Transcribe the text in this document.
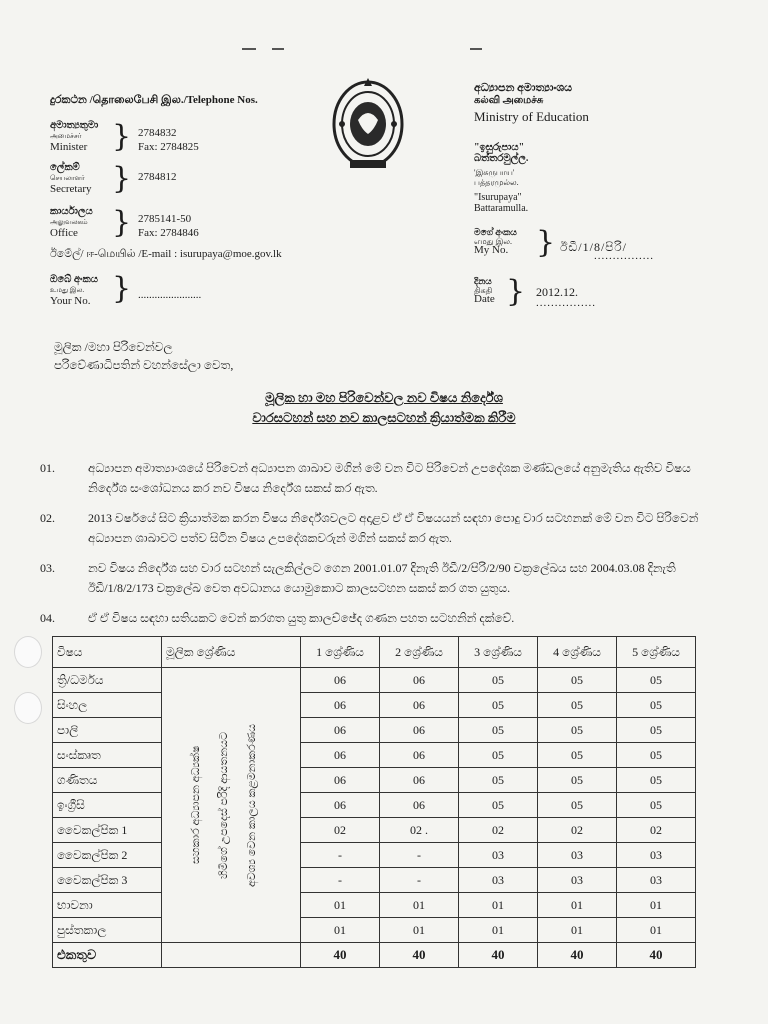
දුරකථන /தொலைபேசி இல./Telephone Nos.
අමාත්‍යතුමා
அமைச்சர்
Minister } 2784832
Fax: 2784825
ලේකම්
செயலாளர்
Secretary } 2784812
කාර්යාලය
அலுவலகம்
Office	} 2785141-50
Fax: 2784846
ඊමේල්/ ஈ-மெயில் /E-mail : isurupaya@moe.gov.lk
ඔබේ අංකය
உமது இல.
Your No. } .......................
අධ්‍යාපන අමාත්‍යාංශය
கல்வி அமைச்சு
Ministry of Education
"ඉසුරුපාය"
බත්තරමුල්ල.
'இசுருபாய'
பத்தரமுல்ல.
"Isurupaya"
Battaramulla.
මගේ අංකය
எமது இல.
My No. } ඊඩී/1/8/පිරි/
................
දිනය
திகதி
Date } 2012.12.
................
මූලික /මහා පිරිවෙන්වල
පරිවේණාධිපතින් වහන්සේලා වෙත,
මූලික හා මහ පිරිවෙන්වල නව විෂය නිර්දේශ
වාරසටහන් සහ නව කාලසටහන් ක්‍රියාත්මක කිරීම
01.	අධ්‍යාපන අමාත්‍යාංශයේ පිරිවෙන් අධ්‍යාපන ශාඛාව මගින් මේ වන විට පිරිවෙන් උපදේශක මණ්ඩලයේ අනුමැතිය ඇතිව විෂය නිර්දේශ සංශෝධනය කර නව විෂය නිර්දේශ සකස් කර ඇත.
02.	2013 වර්ෂයේ සිට ක්‍රියාත්මක කරන විෂය නිර්දේශවලට අදාළව ඒ ඒ විෂයයන් සඳහා පොදු වාර සටහනක් මේ වන විට පිරිවෙන් අධ්‍යාපන ශාඛාවට පත්ව සිටින විෂය උපදේශකවරුන් මගින් සකස් කර ඇත.
03.	නව විෂය නිර්දේශ සහ වාර සටහන් සැලකිල්ලට ගෙන 2001.01.07 දිනැති ඊඩී/2/පිරි/2/90 චක්‍රලේඛය සහ 2004.03.08 දිනැති ඊඩී/1/8/2/173 චක්‍රලේඛ වෙත අවධානය යොමුකොට කාලසටහන සකස් කර ගත යුතුය.
04.	ඒ ඒ විෂය සඳහා සතියකට වෙන් කරගත යුතු කාලච්ඡේද ගණන පහත සටහනින් දක්වේ.
විෂය	මූලික ශ්‍රේණිය	1 ශ්‍රේණිය	2 ශ්‍රේණිය	3 ශ්‍රේණිය	4 ශ්‍රේණිය	5 ශ්‍රේණිය
ත්‍රි/ධර්මය	සහකාර අධ්‍යාපන අධ්‍යක්ෂ හිමිගේ උපදෙස් පරිදි ආයතනයට අවශ්‍ය වෙන කාලය කළමනාකරණය	06	06	05	05	05
සිංහල		06	06	05	05	05
පාලි		06	06	05	05	05
සංස්කෘත		06	06	05	05	05
ගණිතය		06	06	05	05	05
ඉංග්‍රීසි		06	06	05	05	05
වෛකල්පික 1		02	02 .	02	02	02
වෛකල්පික 2		-	-	03	03	03
වෛකල්පික 3		-	-	03	03	03
භාවනා		01	01	01	01	01
පුස්තකාල		01	01	01	01	01
එකතුව		40	40	40	40	40
